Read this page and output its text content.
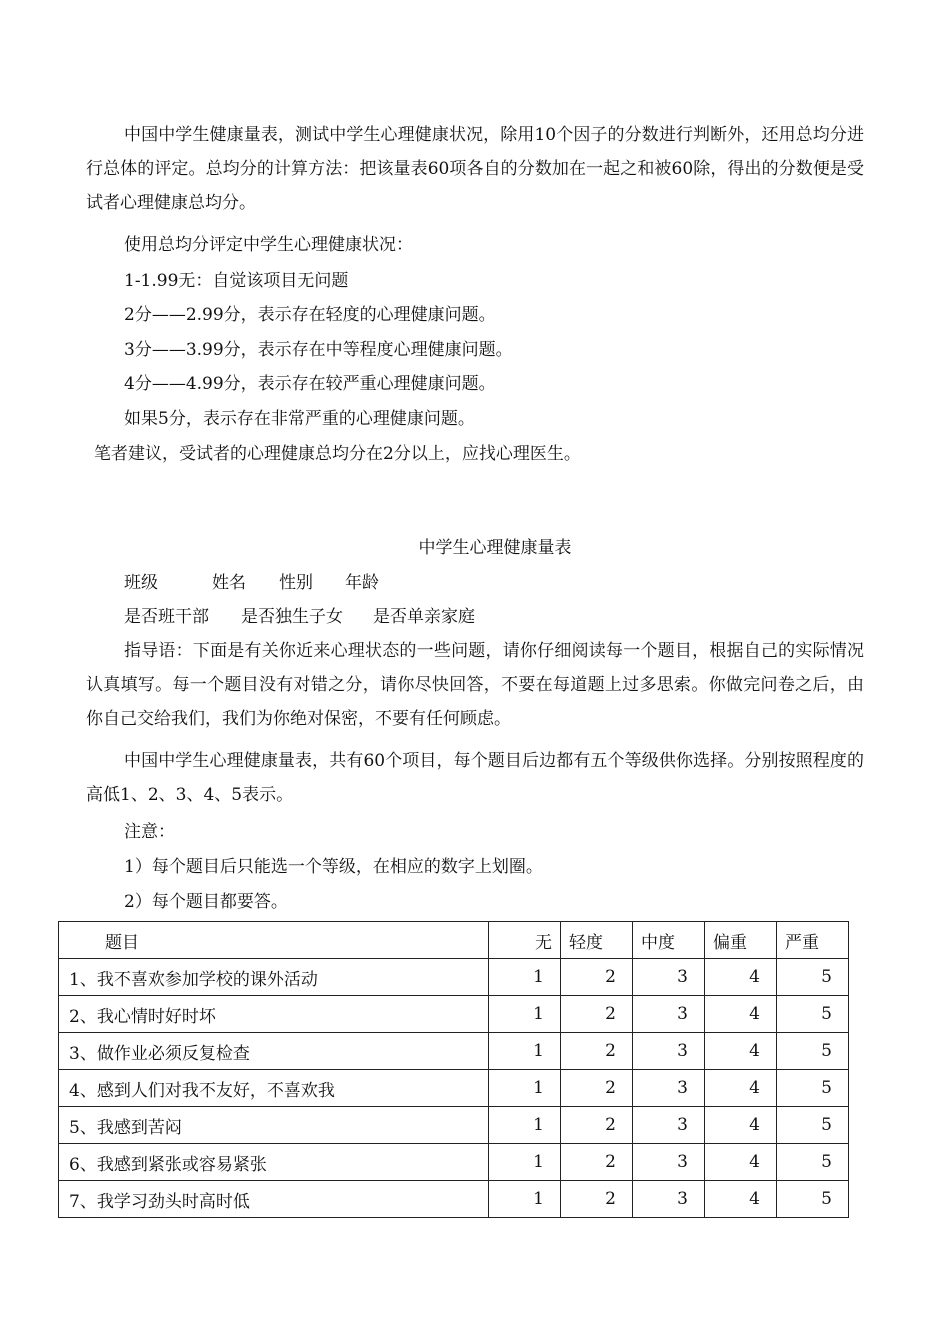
中国中学生健康量表，测试中学生心理健康状况，除用10个因子的分数进行判断外，还用总均分进行总体的评定。总均分的计算方法：把该量表60项各自的分数加在一起之和被60除，得出的分数便是受试者心理健康总均分。
使用总均分评定中学生心理健康状况：
1-1.99无：自觉该项目无问题
2分——2.99分，表示存在轻度的心理健康问题。
3分——3.99分，表示存在中等程度心理健康问题。
4分——4.99分，表示存在较严重心理健康问题。
如果5分，表示存在非常严重的心理健康问题。
笔者建议，受试者的心理健康总均分在2分以上，应找心理医生。
中学生心理健康量表
班级	姓名 性别 年龄
是否班干部 是否独生子女 是否单亲家庭
指导语：下面是有关你近来心理状态的一些问题，请你仔细阅读每一个题目，根据自己的实际情况认真填写。每一个题目没有对错之分，请你尽快回答，不要在每道题上过多思索。你做完问卷之后，由你自己交给我们，我们为你绝对保密，不要有任何顾虑。
中国中学生心理健康量表，共有60个项目，每个题目后边都有五个等级供你选择。分别按照程度的高低1、2、3、4、5表示。
注意：
1）每个题目后只能选一个等级，在相应的数字上划圈。
2）每个题目都要答。
题目	无	轻度	中度	偏重	严重
1、我不喜欢参加学校的课外活动	1	2	3	4	5
2、我心情时好时坏	1	2	3	4	5
3、做作业必须反复检查	1	2	3	4	5
4、感到人们对我不友好，不喜欢我	1	2	3	4	5
5、我感到苦闷	1	2	3	4	5
6、我感到紧张或容易紧张	1	2	3	4	5
7、我学习劲头时高时低	1	2	3	4	5
